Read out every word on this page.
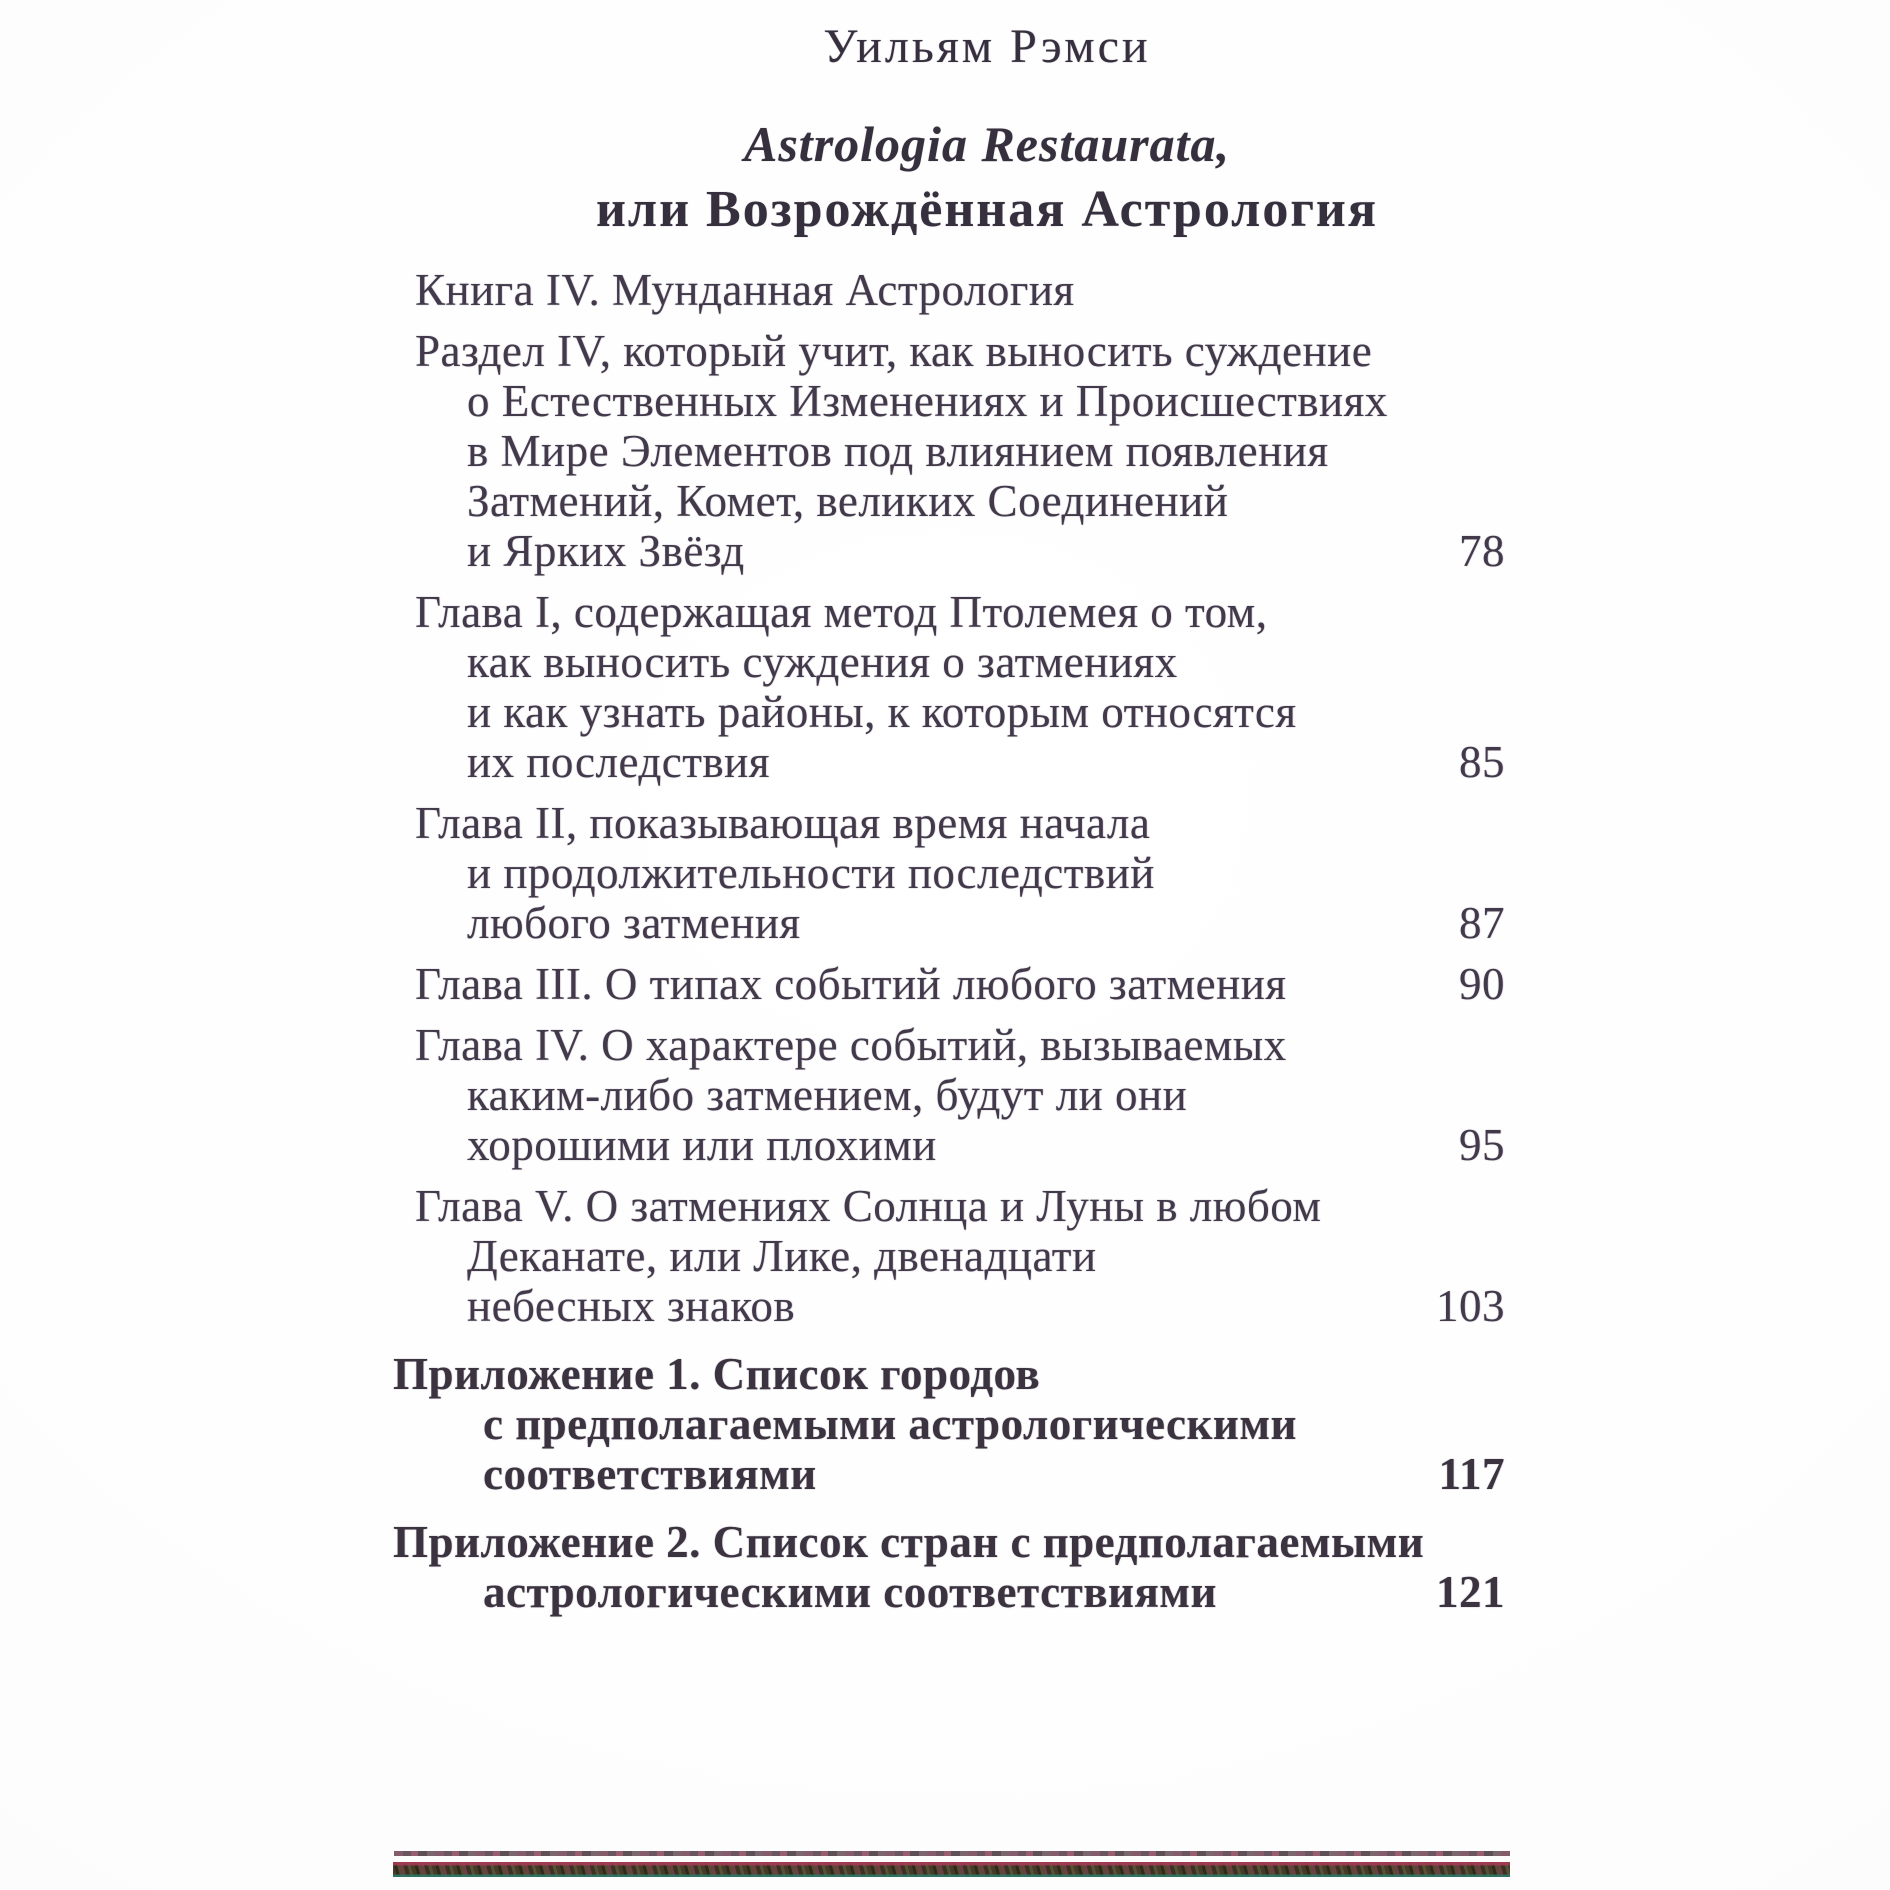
Уильям Рэмси
Astrologia Restaurata,
или Возрождённая Астрология
Книга IV. Мунданная Астрология
Раздел IV, который учит, как выносить суждение
о Естественных Изменениях и Происшествиях
в Мире Элементов под влиянием появления
Затмений, Комет, великих Соединений
и Ярких Звёзд	78
Глава I, содержащая метод Птолемея о том,
как выносить суждения о затмениях
и как узнать районы, к которым относятся
их последствия	85
Глава II, показывающая время начала
и продолжительности последствий
любого затмения	87
Глава III. О типах событий любого затмения	90
Глава IV. О характере событий, вызываемых
каким-либо затмением, будут ли они
хорошими или плохими	95
Глава V. О затмениях Солнца и Луны в любом
Деканате, или Лике, двенадцати
небесных знаков	103
Приложение 1. Список городов
с предполагаемыми астрологическими
соответствиями	117
Приложение 2. Список стран с предполагаемыми
астрологическими соответствиями	121
